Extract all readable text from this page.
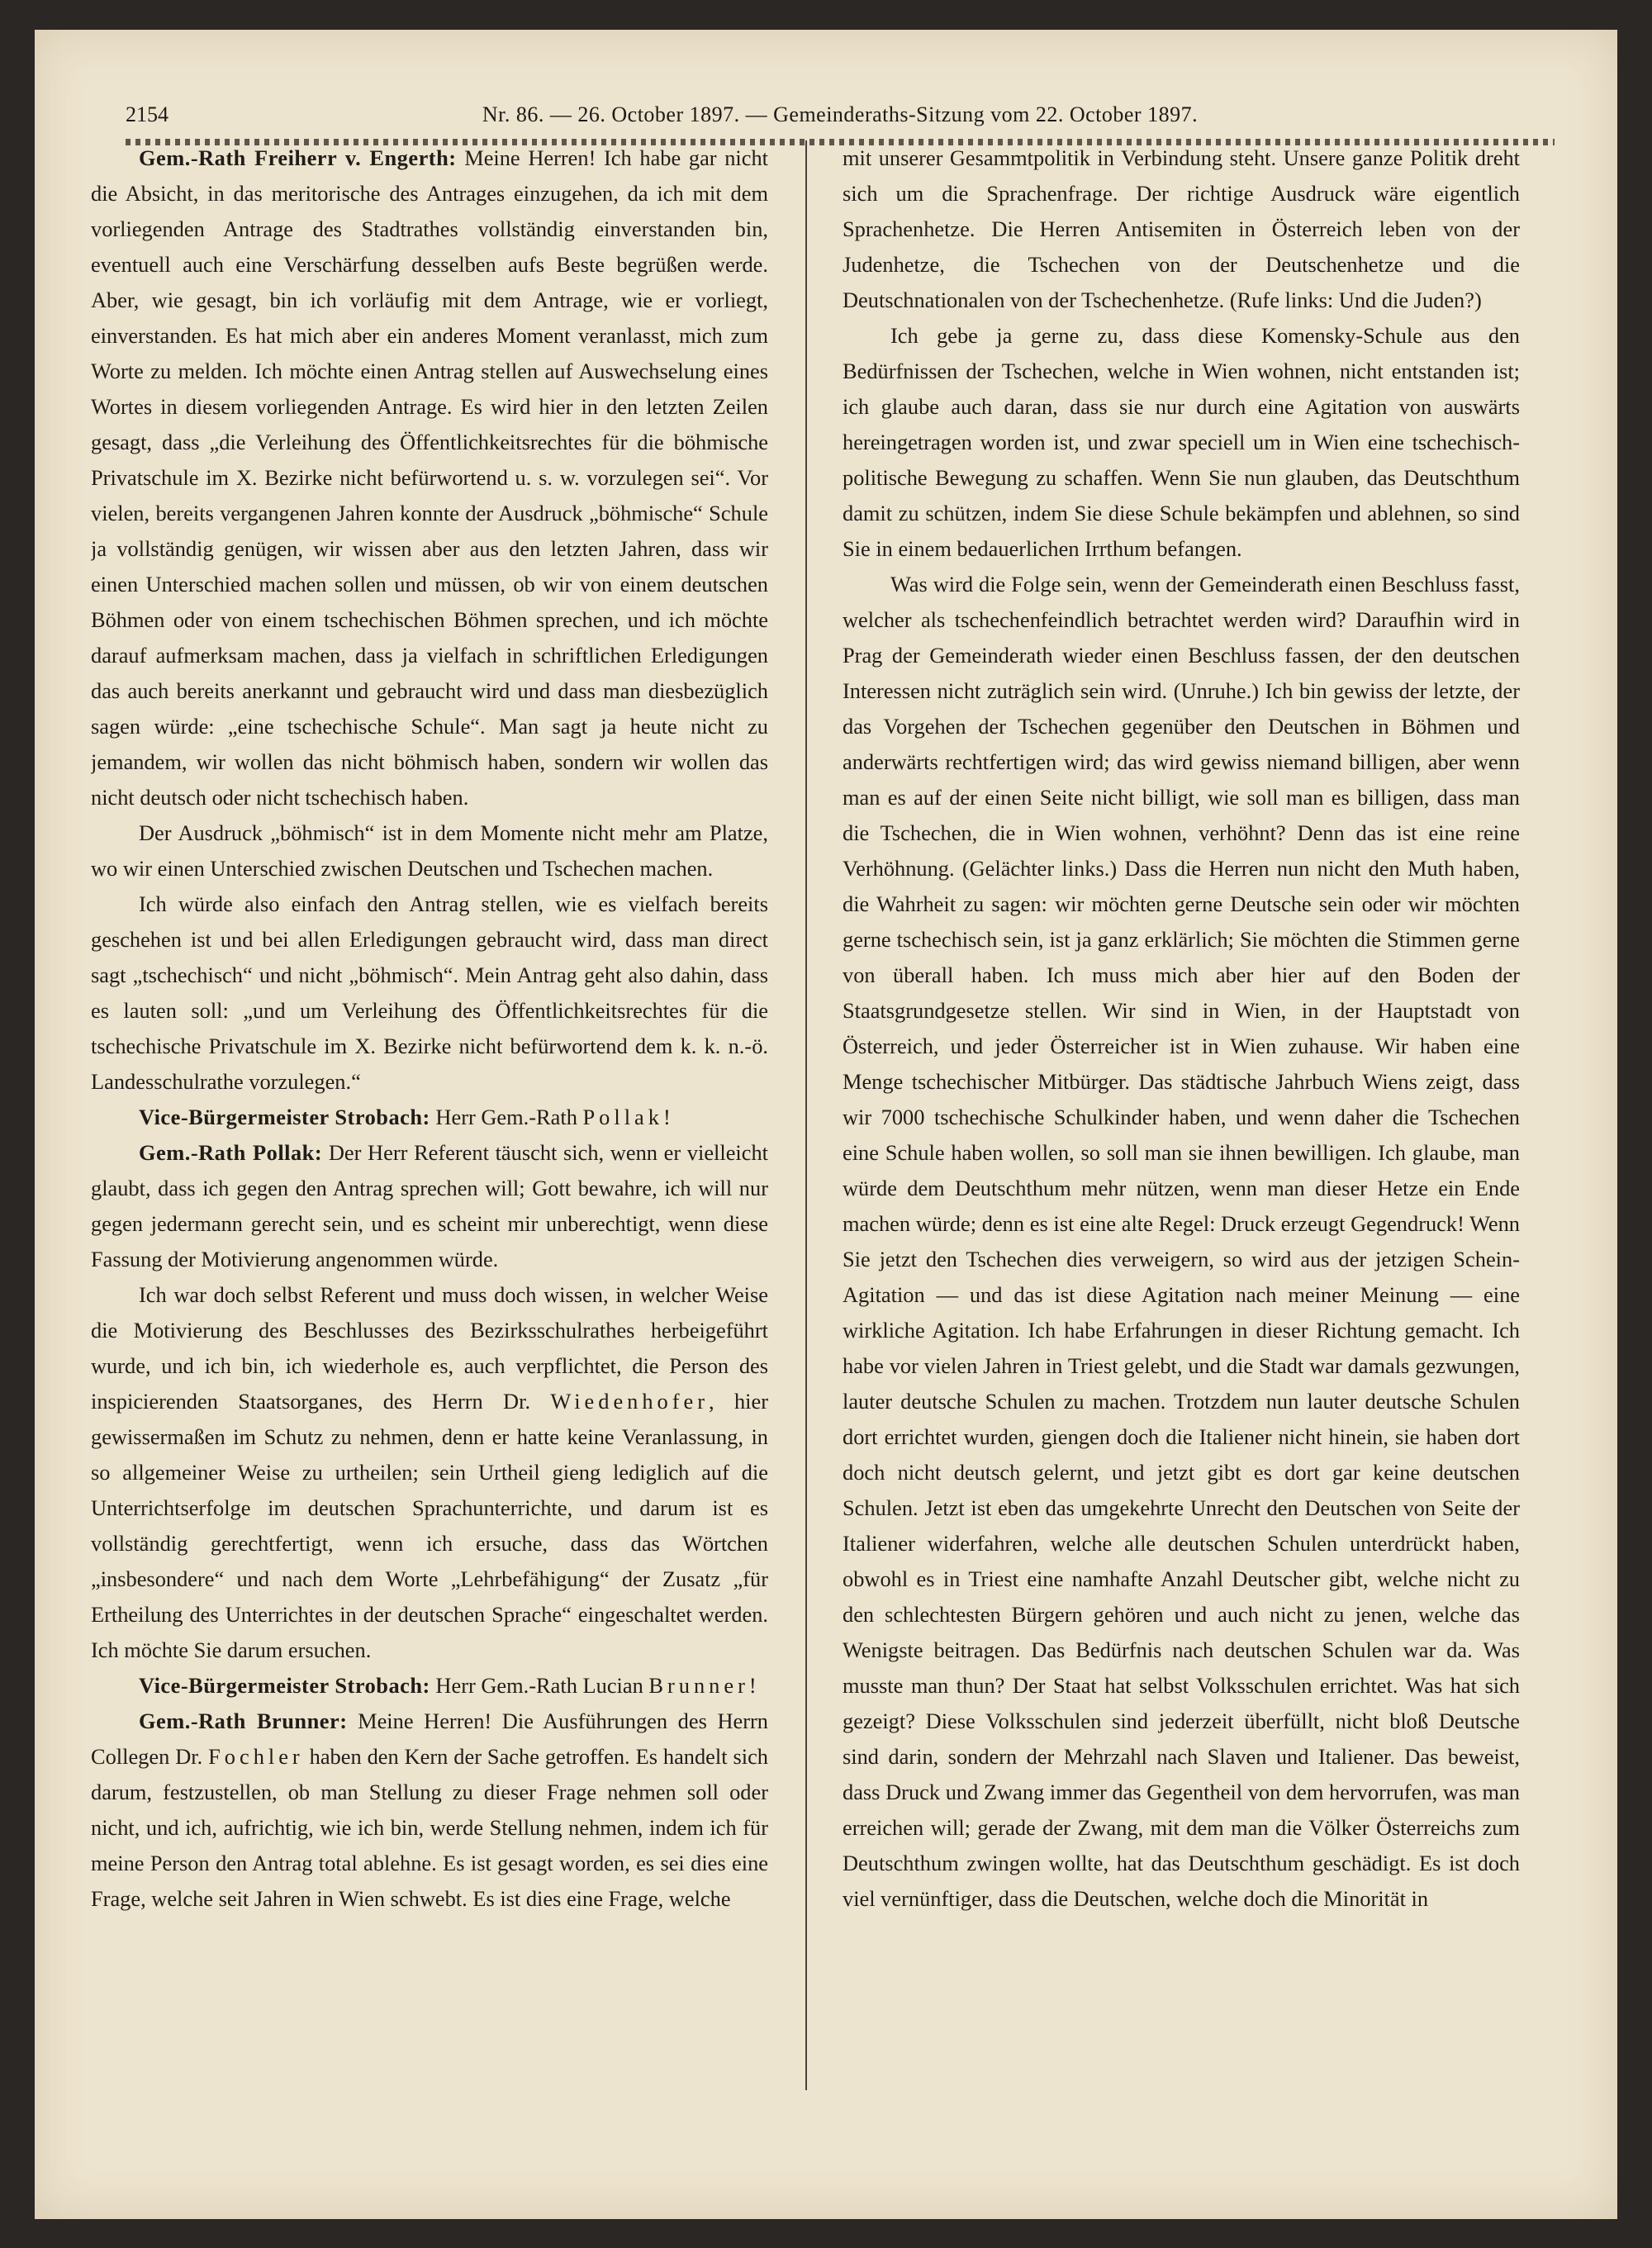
2154	Nr. 86. — 26. October 1897. — Gemeinderaths-Sitzung vom 22. October 1897.

Gem.-Rath Freiherr v. Engerth: Meine Herren! Ich habe gar nicht die Absicht, in das meritorische des Antrages einzugehen, da ich mit dem vorliegenden Antrage des Stadtrathes vollständig einverstanden bin, eventuell auch eine Verschärfung desselben aufs Beste begrüßen werde. Aber, wie gesagt, bin ich vorläufig mit dem Antrage, wie er vorliegt, einverstanden. Es hat mich aber ein anderes Moment veranlasst, mich zum Worte zu melden. Ich möchte einen Antrag stellen auf Auswechselung eines Wortes in diesem vorliegenden Antrage. Es wird hier in den letzten Zeilen gesagt, dass „die Verleihung des Öffentlichkeitsrechtes für die böhmische Privatschule im X. Bezirke nicht befürwortend u. s. w. vorzulegen sei“. Vor vielen, bereits vergangenen Jahren konnte der Ausdruck „böhmische“ Schule ja vollständig genügen, wir wissen aber aus den letzten Jahren, dass wir einen Unterschied machen sollen und müssen, ob wir von einem deutschen Böhmen oder von einem tschechischen Böhmen sprechen, und ich möchte darauf aufmerksam machen, dass ja vielfach in schriftlichen Erledigungen das auch bereits anerkannt und gebraucht wird und dass man diesbezüglich sagen würde: „eine tschechische Schule“. Man sagt ja heute nicht zu jemandem, wir wollen das nicht böhmisch haben, sondern wir wollen das nicht deutsch oder nicht tschechisch haben.

Der Ausdruck „böhmisch“ ist in dem Momente nicht mehr am Platze, wo wir einen Unterschied zwischen Deutschen und Tschechen machen.

Ich würde also einfach den Antrag stellen, wie es vielfach bereits geschehen ist und bei allen Erledigungen gebraucht wird, dass man direct sagt „tschechisch“ und nicht „böhmisch“. Mein Antrag geht also dahin, dass es lauten soll: „und um Verleihung des Öffentlichkeitsrechtes für die tschechische Privatschule im X. Bezirke nicht befürwortend dem k. k. n.-ö. Landesschulrathe vorzulegen.“

Vice-Bürgermeister Strobach: Herr Gem.-Rath Pollak!

Gem.-Rath Pollak: Der Herr Referent täuscht sich, wenn er vielleicht glaubt, dass ich gegen den Antrag sprechen will; Gott bewahre, ich will nur gegen jedermann gerecht sein, und es scheint mir unberechtigt, wenn diese Fassung der Motivierung angenommen würde.

Ich war doch selbst Referent und muss doch wissen, in welcher Weise die Motivierung des Beschlusses des Bezirksschulrathes herbeigeführt wurde, und ich bin, ich wiederhole es, auch verpflichtet, die Person des inspicierenden Staatsorganes, des Herrn Dr. Wiedenhofer, hier gewissermaßen im Schutz zu nehmen, denn er hatte keine Veranlassung, in so allgemeiner Weise zu urtheilen; sein Urtheil gieng lediglich auf die Unterrichtserfolge im deutschen Sprachunterrichte, und darum ist es vollständig gerechtfertigt, wenn ich ersuche, dass das Wörtchen „insbesondere“ und nach dem Worte „Lehrbefähigung“ der Zusatz „für Ertheilung des Unterrichtes in der deutschen Sprache“ eingeschaltet werden. Ich möchte Sie darum ersuchen.

Vice-Bürgermeister Strobach: Herr Gem.-Rath Lucian Brunner!

Gem.-Rath Brunner: Meine Herren! Die Ausführungen des Herrn Collegen Dr. Fochler haben den Kern der Sache getroffen. Es handelt sich darum, festzustellen, ob man Stellung zu dieser Frage nehmen soll oder nicht, und ich, aufrichtig, wie ich bin, werde Stellung nehmen, indem ich für meine Person den Antrag total ablehne. Es ist gesagt worden, es sei dies eine Frage, welche seit Jahren in Wien schwebt. Es ist dies eine Frage, welche

mit unserer Gesammtpolitik in Verbindung steht. Unsere ganze Politik dreht sich um die Sprachenfrage. Der richtige Ausdruck wäre eigentlich Sprachenhetze. Die Herren Antisemiten in Österreich leben von der Judenhetze, die Tschechen von der Deutschenhetze und die Deutschnationalen von der Tschechenhetze. (Rufe links: Und die Juden?)

Ich gebe ja gerne zu, dass diese Komensky-Schule aus den Bedürfnissen der Tschechen, welche in Wien wohnen, nicht entstanden ist; ich glaube auch daran, dass sie nur durch eine Agitation von auswärts hereingetragen worden ist, und zwar speciell um in Wien eine tschechisch-politische Bewegung zu schaffen. Wenn Sie nun glauben, das Deutschthum damit zu schützen, indem Sie diese Schule bekämpfen und ablehnen, so sind Sie in einem bedauerlichen Irrthum befangen.

Was wird die Folge sein, wenn der Gemeinderath einen Beschluss fasst, welcher als tschechenfeindlich betrachtet werden wird? Daraufhin wird in Prag der Gemeinderath wieder einen Beschluss fassen, der den deutschen Interessen nicht zuträglich sein wird. (Unruhe.) Ich bin gewiss der letzte, der das Vorgehen der Tschechen gegenüber den Deutschen in Böhmen und anderwärts rechtfertigen wird; das wird gewiss niemand billigen, aber wenn man es auf der einen Seite nicht billigt, wie soll man es billigen, dass man die Tschechen, die in Wien wohnen, verhöhnt? Denn das ist eine reine Verhöhnung. (Gelächter links.) Dass die Herren nun nicht den Muth haben, die Wahrheit zu sagen: wir möchten gerne Deutsche sein oder wir möchten gerne tschechisch sein, ist ja ganz erklärlich; Sie möchten die Stimmen gerne von überall haben. Ich muss mich aber hier auf den Boden der Staatsgrundgesetze stellen. Wir sind in Wien, in der Hauptstadt von Österreich, und jeder Österreicher ist in Wien zuhause. Wir haben eine Menge tschechischer Mitbürger. Das städtische Jahrbuch Wiens zeigt, dass wir 7000 tschechische Schulkinder haben, und wenn daher die Tschechen eine Schule haben wollen, so soll man sie ihnen bewilligen. Ich glaube, man würde dem Deutschthum mehr nützen, wenn man dieser Hetze ein Ende machen würde; denn es ist eine alte Regel: Druck erzeugt Gegendruck! Wenn Sie jetzt den Tschechen dies verweigern, so wird aus der jetzigen Schein-Agitation — und das ist diese Agitation nach meiner Meinung — eine wirkliche Agitation. Ich habe Erfahrungen in dieser Richtung gemacht. Ich habe vor vielen Jahren in Triest gelebt, und die Stadt war damals gezwungen, lauter deutsche Schulen zu machen. Trotzdem nun lauter deutsche Schulen dort errichtet wurden, giengen doch die Italiener nicht hinein, sie haben dort doch nicht deutsch gelernt, und jetzt gibt es dort gar keine deutschen Schulen. Jetzt ist eben das umgekehrte Unrecht den Deutschen von Seite der Italiener widerfahren, welche alle deutschen Schulen unterdrückt haben, obwohl es in Triest eine namhafte Anzahl Deutscher gibt, welche nicht zu den schlechtesten Bürgern gehören und auch nicht zu jenen, welche das Wenigste beitragen. Das Bedürfnis nach deutschen Schulen war da. Was musste man thun? Der Staat hat selbst Volksschulen errichtet. Was hat sich gezeigt? Diese Volksschulen sind jederzeit überfüllt, nicht bloß Deutsche sind darin, sondern der Mehrzahl nach Slaven und Italiener. Das beweist, dass Druck und Zwang immer das Gegentheil von dem hervorrufen, was man erreichen will; gerade der Zwang, mit dem man die Völker Österreichs zum Deutschthum zwingen wollte, hat das Deutschthum geschädigt. Es ist doch viel vernünftiger, dass die Deutschen, welche doch die Minorität in
